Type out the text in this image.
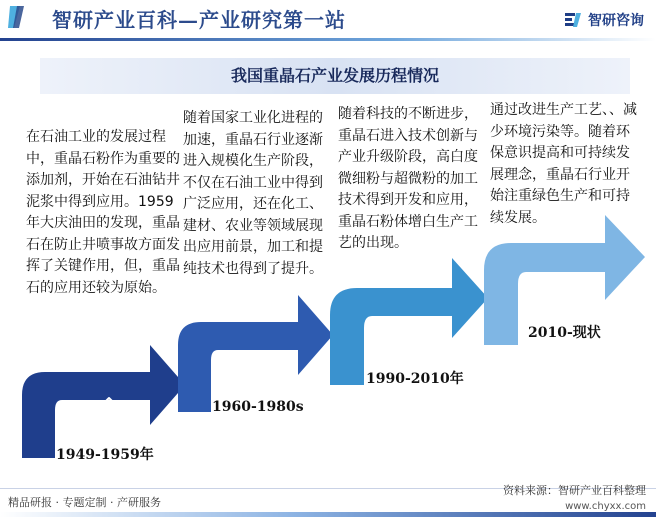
智研产业百科—产业研究第一站	智研咨询
我国重晶石产业发展历程情况

在石油工业的发展过程中，重晶石粉作为重要的添加剂，开始在石油钻井泥浆中得到应用。1959年大庆油田的发现，重晶石在防止井喷事故方面发挥了关键作用，但，重晶石的应用还较为原始。

随着国家工业化进程的加速，重晶石行业逐渐进入规模化生产阶段，不仅在石油工业中得到广泛应用，还在化工、建材、农业等领域展现出应用前景，加工和提纯技术也得到了提升。

随着科技的不断进步，重晶石进入技术创新与产业升级阶段，高白度微细粉与超微粉的加工技术得到开发和应用，重晶石粉体增白生产工艺的出现。

通过改进生产工艺、、减少环境污染等。随着环保意识提高和可持续发展理念，重晶石行业开始注重绿色生产和可持续发展。

1949-1959年
1960-1980s
1990-2010年
2010-现状
精品研报 · 专题定制 · 产研服务
资料来源：智研产业百科整理
www.chyxx.com
